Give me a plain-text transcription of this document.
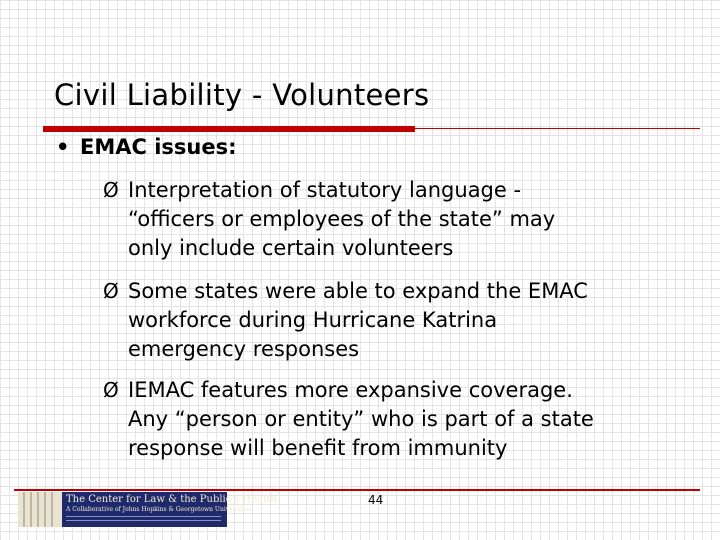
Civil Liability - Volunteers
• EMAC issues:
Ø Interpretation of statutory language - “officers or employees of the state” may only include certain volunteers
Ø Some states were able to expand the EMAC workforce during Hurricane Katrina emergency responses
Ø IEMAC features more expansive coverage. Any “person or entity” who is part of a state response will benefit from immunity
The Center for Law & the Public's Health
A Collaborative of Johns Hopkins & Georgetown Universities
44
